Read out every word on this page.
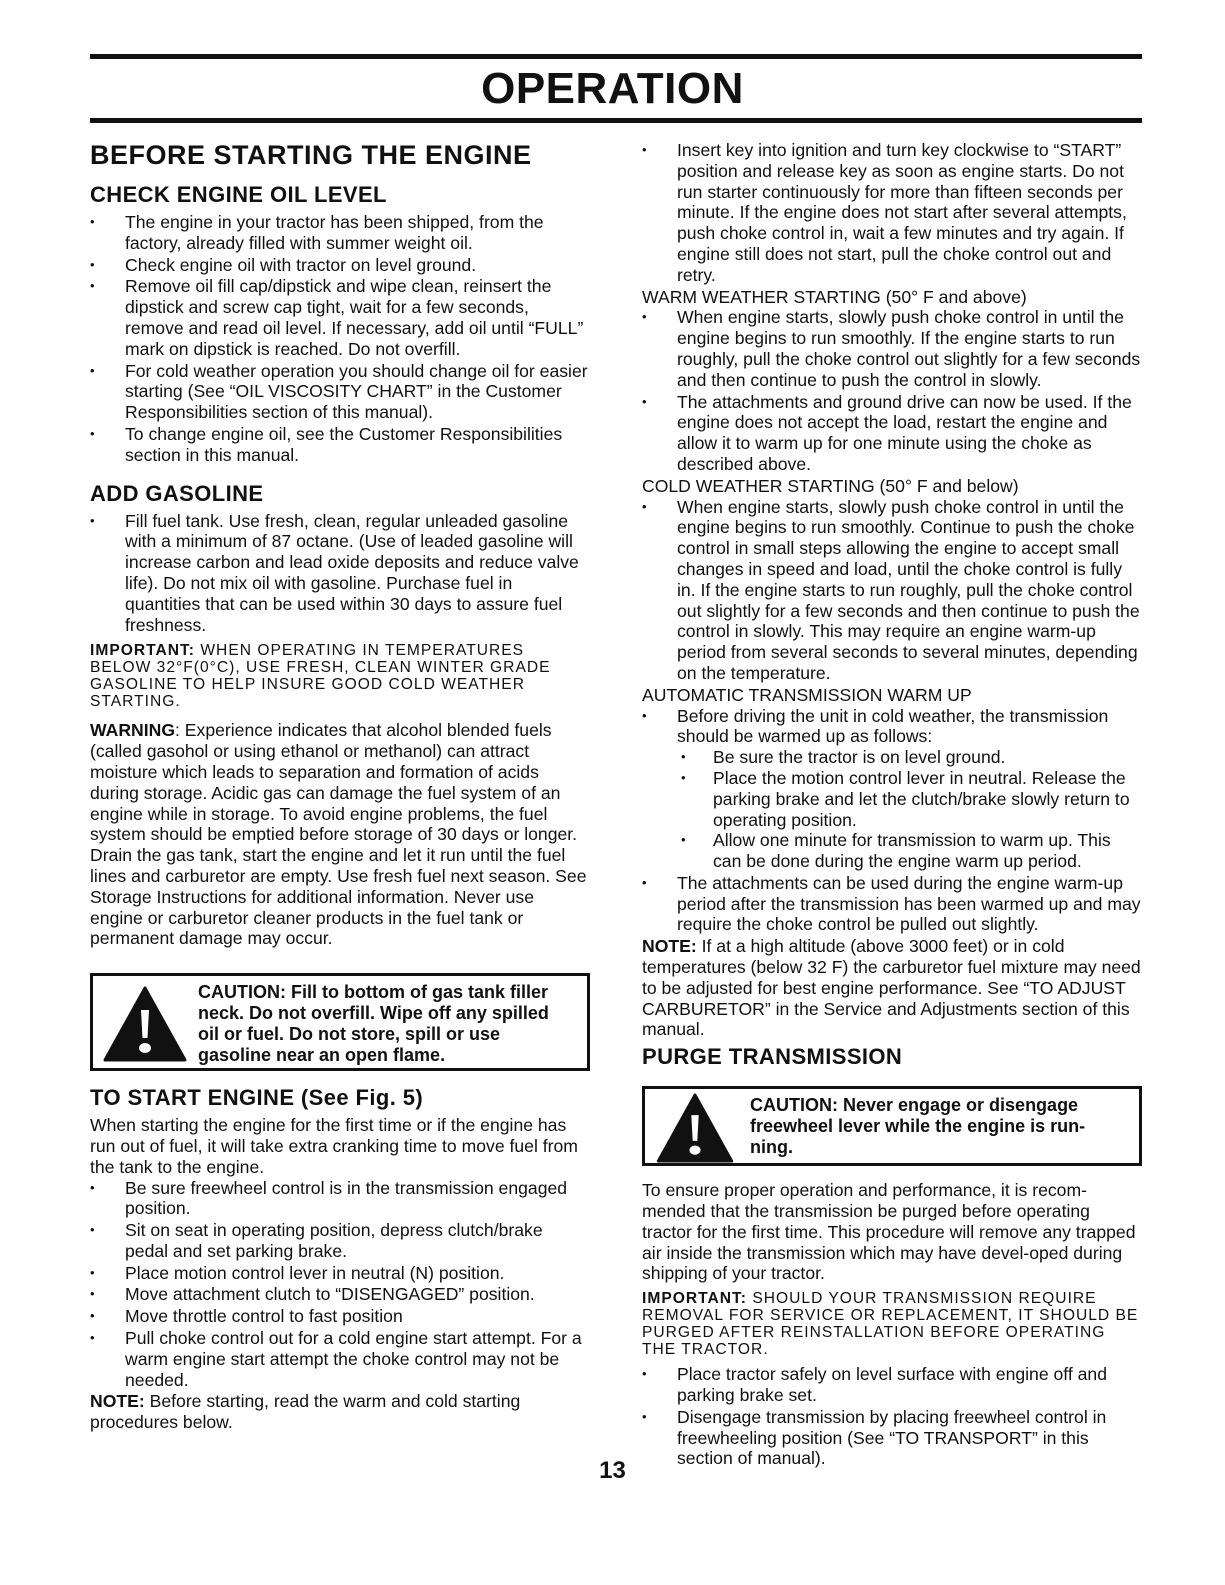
OPERATION
BEFORE STARTING THE ENGINE
CHECK ENGINE OIL LEVEL
• The engine in your tractor has been shipped, from the factory, already filled with summer weight oil.
• Check engine oil with tractor on level ground.
• Remove oil fill cap/dipstick and wipe clean, reinsert the dipstick and screw cap tight, wait for a few seconds, remove and read oil level. If necessary, add oil until “FULL” mark on dipstick is reached. Do not overfill.
• For cold weather operation you should change oil for easier starting (See “OIL VISCOSITY CHART” in the Customer Responsibilities section of this manual).
• To change engine oil, see the Customer Responsibilities section in this manual.
ADD GASOLINE
• Fill fuel tank. Use fresh, clean, regular unleaded gasoline with a minimum of 87 octane. (Use of leaded gasoline will increase carbon and lead oxide deposits and reduce valve life). Do not mix oil with gasoline. Purchase fuel in quantities that can be used within 30 days to assure fuel freshness.

IMPORTANT: WHEN OPERATING IN TEMPERATURES BELOW 32°F(0°C), USE FRESH, CLEAN WINTER GRADE GASOLINE TO HELP INSURE GOOD COLD WEATHER STARTING.

WARNING: Experience indicates that alcohol blended fuels (called gasohol or using ethanol or methanol) can attract moisture which leads to separation and formation of acids during storage. Acidic gas can damage the fuel system of an engine while in storage. To avoid engine problems, the fuel system should be emptied before storage of 30 days or longer. Drain the gas tank, start the engine and let it run until the fuel lines and carburetor are empty. Use fresh fuel next season. See Storage Instructions for additional information. Never use engine or carburetor cleaner products in the fuel tank or permanent damage may occur.

CAUTION: Fill to bottom of gas tank filler neck. Do not overfill. Wipe off any spilled oil or fuel. Do not store, spill or use gasoline near an open flame.
TO START ENGINE (See Fig. 5)

When starting the engine for the first time or if the engine has run out of fuel, it will take extra cranking time to move fuel from the tank to the engine.

• Be sure freewheel control is in the transmission engaged position.
• Sit on seat in operating position, depress clutch/brake pedal and set parking brake.
• Place motion control lever in neutral (N) position.
• Move attachment clutch to “DISENGAGED” position.
• Move throttle control to fast position
• Pull choke control out for a cold engine start attempt. For a warm engine start attempt the choke control may not be needed.

NOTE: Before starting, read the warm and cold starting procedures below.

• Insert key into ignition and turn key clockwise to “START” position and release key as soon as engine starts. Do not run starter continuously for more than fifteen seconds per minute. If the engine does not start after several attempts, push choke control in, wait a few minutes and try again. If engine still does not start, pull the choke control out and retry.

WARM WEATHER STARTING (50° F and above)

• When engine starts, slowly push choke control in until the engine begins to run smoothly. If the engine starts to run roughly, pull the choke control out slightly for a few seconds and then continue to push the control in slowly.
• The attachments and ground drive can now be used. If the engine does not accept the load, restart the engine and allow it to warm up for one minute using the choke as described above.

COLD WEATHER STARTING (50° F and below)

• When engine starts, slowly push choke control in until the engine begins to run smoothly. Continue to push the choke control in small steps allowing the engine to accept small changes in speed and load, until the choke control is fully in. If the engine starts to run roughly, pull the choke control out slightly for a few seconds and then continue to push the control in slowly. This may require an engine warm-up period from several seconds to several minutes, depending on the temperature.

AUTOMATIC TRANSMISSION WARM UP

• Before driving the unit in cold weather, the transmission should be warmed up as follows:
• Be sure the tractor is on level ground.
• Place the motion control lever in neutral. Release the parking brake and let the clutch/brake slowly return to operating position.
• Allow one minute for transmission to warm up. This can be done during the engine warm up period.
• The attachments can be used during the engine warm-up period after the transmission has been warmed up and may require the choke control be pulled out slightly.

NOTE: If at a high altitude (above 3000 feet) or in cold temperatures (below 32 F) the carburetor fuel mixture may need to be adjusted for best engine performance. See “TO ADJUST CARBURETOR” in the Service and Adjustments section of this manual.

PURGE TRANSMISSION
CAUTION: Never engage or disengage freewheel lever while the engine is run-ning.

To ensure proper operation and performance, it is recom-mended that the transmission be purged before operating tractor for the first time. This procedure will remove any trapped air inside the transmission which may have devel-oped during shipping of your tractor.

IMPORTANT: SHOULD YOUR TRANSMISSION REQUIRE REMOVAL FOR SERVICE OR REPLACEMENT, IT SHOULD BE PURGED AFTER REINSTALLATION BEFORE OPERATING THE TRACTOR.

• Place tractor safely on level surface with engine off and parking brake set.
• Disengage transmission by placing freewheel control in freewheeling position (See “TO TRANSPORT” in this section of manual).
13
